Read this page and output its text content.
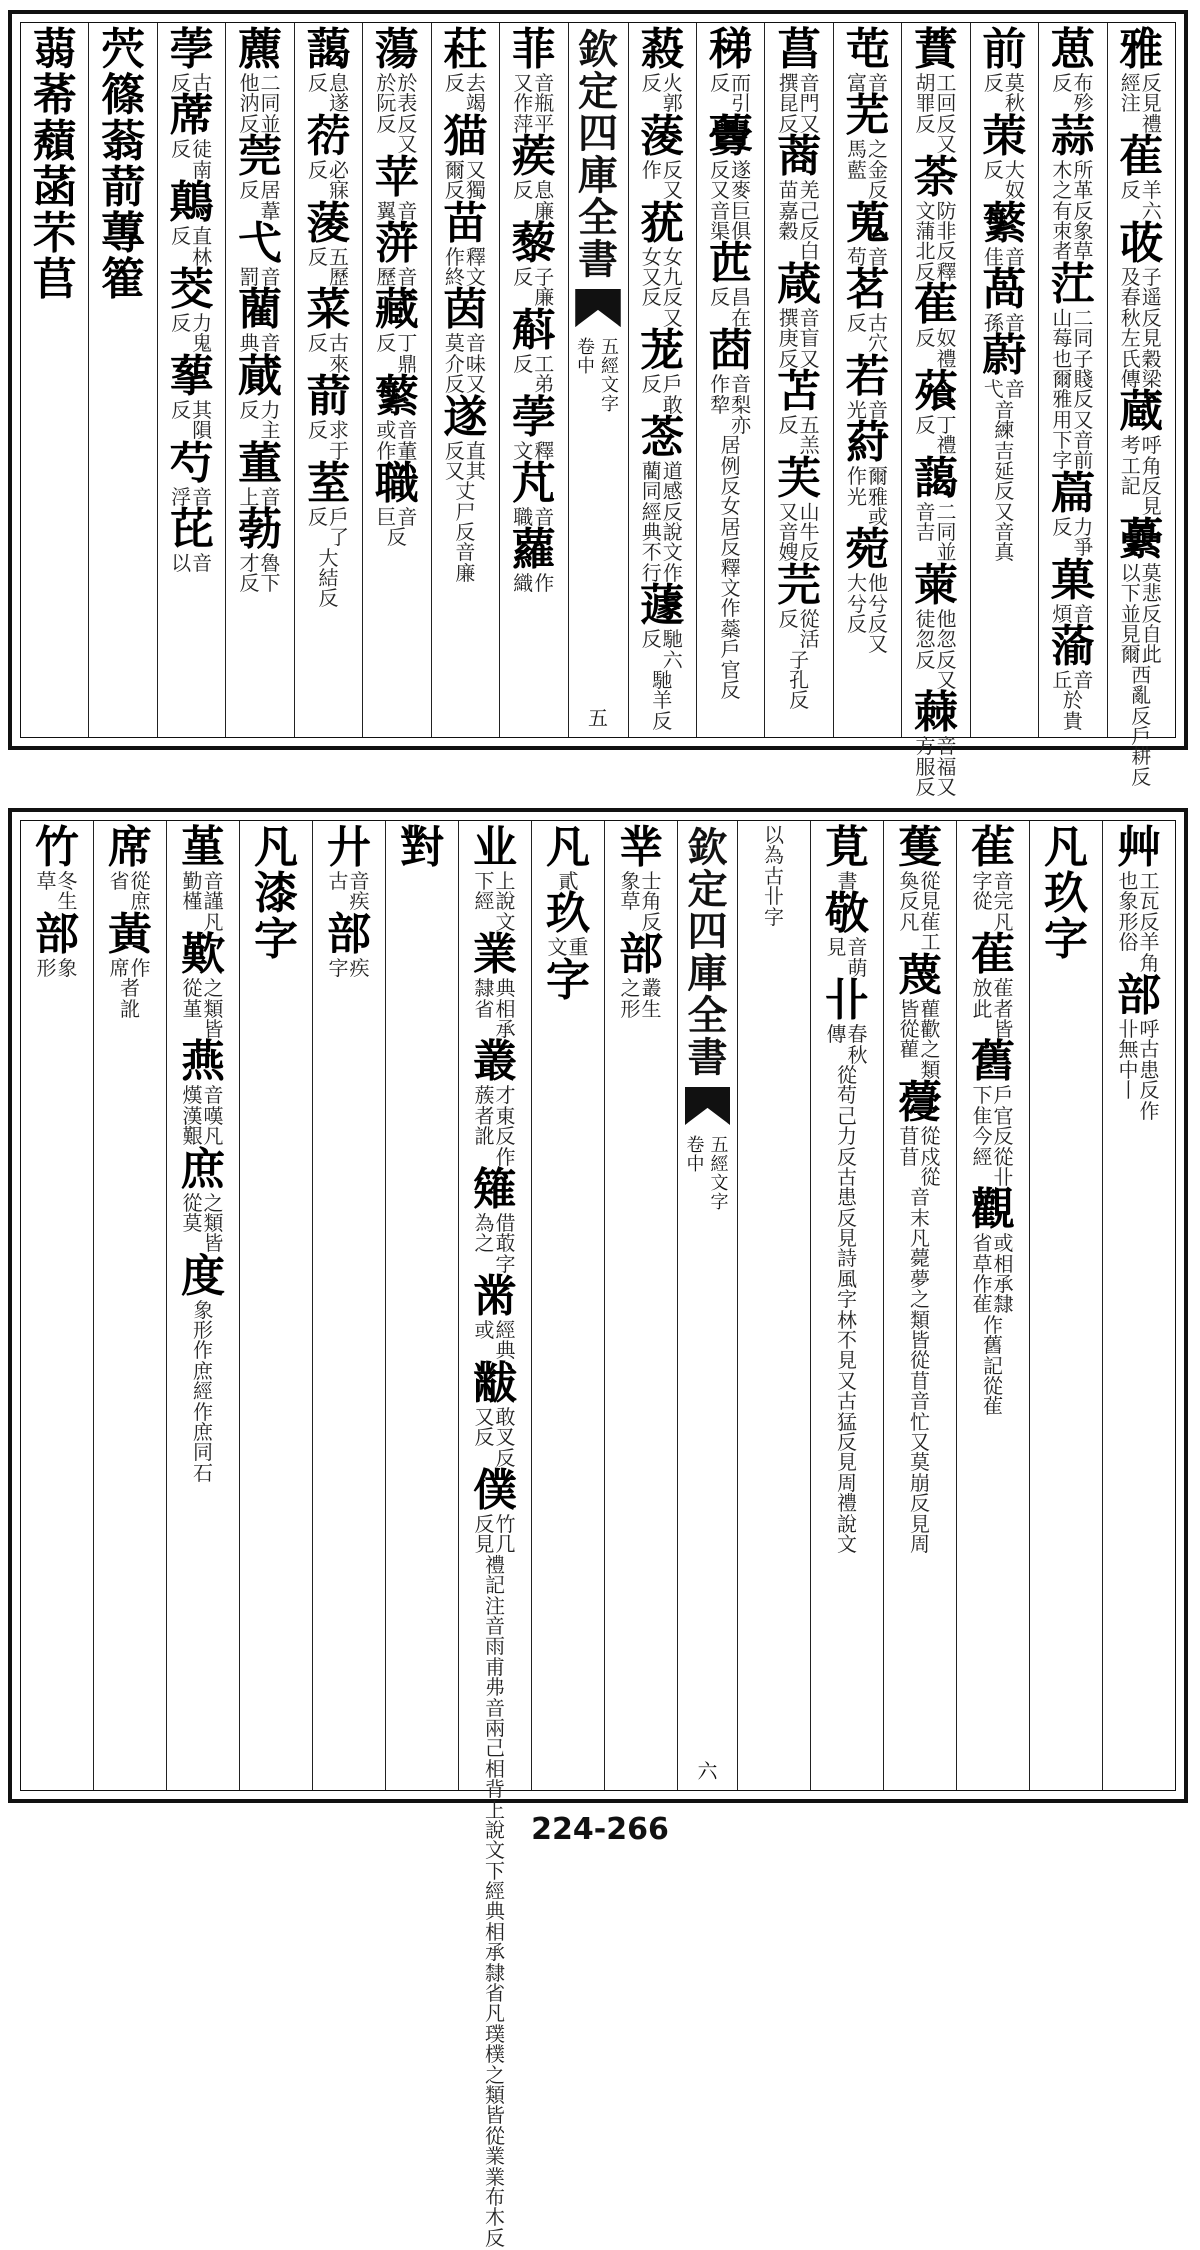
雅
反
見
禮
經
注
萑
羊
六
反
荍
子
遥
反
見
穀
梁
及
春
秋
左
氏
傳
蔵
呼
角
反
見
考
工
記
虆
莫
悲
反
自
此
以
下
並
見
爾
西
亂
反
戶
耕
反
葸
布
殄
反
蒜
所
革
反
象
草
木
之
有
朿
者
茳
二
同
子
賤
反
又
音
前
山
莓
也
爾
雅
用
下
字
萹
力
爭
反
菓
音
煩
蕍
音
丘
於
貴
前
莫
秋
反
茦
大
奴
反
蘩
音
佳
萵
音
孫
蔚
音
弋
音
練
吉
延
反
又
音
真
蕡
工
回
反
又
胡
罪
反
荼
防
非
反
釋
文
蒲
北
反
萑
奴
禮
反
蕵
丁
禮
反
藹
二
同
並
音
吉
萰
他
忽
反
又
徒
忽
反
蕀
音
福
又
方
服
反
芚
音
富
芜
之
金
反
馬
藍
蒐
音
苟
茗
古
穴
反
若
音
光
葤
爾
雅
或
作
光
菀
他
兮
反
又
大
兮
反
菖
音
門
又
撰
昆
反
蔏
羌
己
反
白
苗
嘉
穀
葴
音
盲
又
撰
庚
反
苫
五
羔
反
芙
山
牛
反
又
音
嫂
芫
從
活
反
子
孔
反
稊
而
引
反
虋
遂
麥
巨
俱
反
又
音
渠
苉
昌
在
反
莔
音
梨
亦
作
犂
居
例
反
女
居
反
釋
文
作
蘂
戶
官
反
蔱
火
郭
反
蔆
反
又
作
莸
女
九
反
又
女
又
反
茏
戶
敢
反
菍
道
感
反
說
文
作
藺
同
經
典
不
行
蘧
馳
六
反
馳
羊
反
欽
定
四
庫
全
書
五
經
文
字
卷
中
五
菲
音
瓶
平
又
作
萍
蒺
息
廉
反
藜
子
廉
反
蔛
工
弟
反
荸
釋
文
芃
音
職
蘿
作
織
荰
去
竭
反
猫
又
獨
爾
反
苗
釋
文
作
終
茵
音
味
又
莫
介
反
遂
直
其
反
又
丈
尸
反
音
廉
蕩
於
表
反
又
於
阮
反
苹
音
翼
蓱
音
歷
藏
丁
鼎
反
蘩
音
董
或
作
職
音
巨
反
藹
息
遂
反
葕
必
寐
反
蔆
五
歷
反
菜
古
來
反
葥
求
于
反
荎
戶
了
反
大
結
反
藨
二
同
並
他
汭
反
莞
居
葦
反
弋
音
罰
藺
音
典
蕆
力
主
反
董
音
上
葧
魯
下
才
反
荸
古
反
蓆
徒
南
反
鷏
直
林
反
茭
力
鬼
反
蒘
其
隕
反
芍
音
浮
芘
音
以
茓
篠
蓊
葥
蓴
篧
蒻
莃
蘈
菡
芣
苢
艸
工
瓦
反
羊
角
也
象
形
俗
部
呼
古
患
反
作
卝
無
中
丨
凡
玖
字
雈
音
完
凡
字
從
萑
雈
者
皆
放
此
舊
戶
官
反
從
卝
下
隹
今
經
觀
或
相
承
隸
省
草
作
雈
作
舊
記
從
雈
蒦
從
見
雈
工
奐
反
凡
蔑
雚
歡
之
類
皆
從
雚
蘉
從
戍
從
苜
苜
音
末
凡
薨
夢
之
類
皆
從
苜
音
忙
又
莫
崩
反
見
周
莧
書
敬
音
萌
見
卝
春
秋
傳
從
苟
己
力
反
古
患
反
見
詩
風
字
林
不
見
又
古
猛
反
見
周
禮
說
文
以
為
古
卝
字
欽
定
四
庫
全
書
五
經
文
字
卷
中
六
丵
士
角
反
象
草
部
叢
生
之
形
凡
貳
玖
重
文
字
业
上
說
文
下
經
業
典
相
承
隸
省
叢
才
東
反
作
蔟
者
訛
䉜
借
菆
字
為
之
黹
經
典
或
黻
敢
叉
反
又
反
僕
竹
几
反
見
禮
記
注
音
雨
甫
弗
音
兩
己
相
背
上
說
文
下
經
典
相
承
隸
省
凡
璞
樸
之
類
皆
從
業
業
布
木
反
對
廾
音
疾
古
部
疾
字
凡
漆
字
堇
音
謹
凡
勤
槿
歎
之
類
皆
從
堇
燕
音
嘆
凡
熯
漢
艱
庶
之
類
皆
從
莫
度
象
形
作
庶
經
作
庶
同
石
席
從
庶
省
黃
作
席
者
訛
竹
冬
生
草
部
象
形
224-266
